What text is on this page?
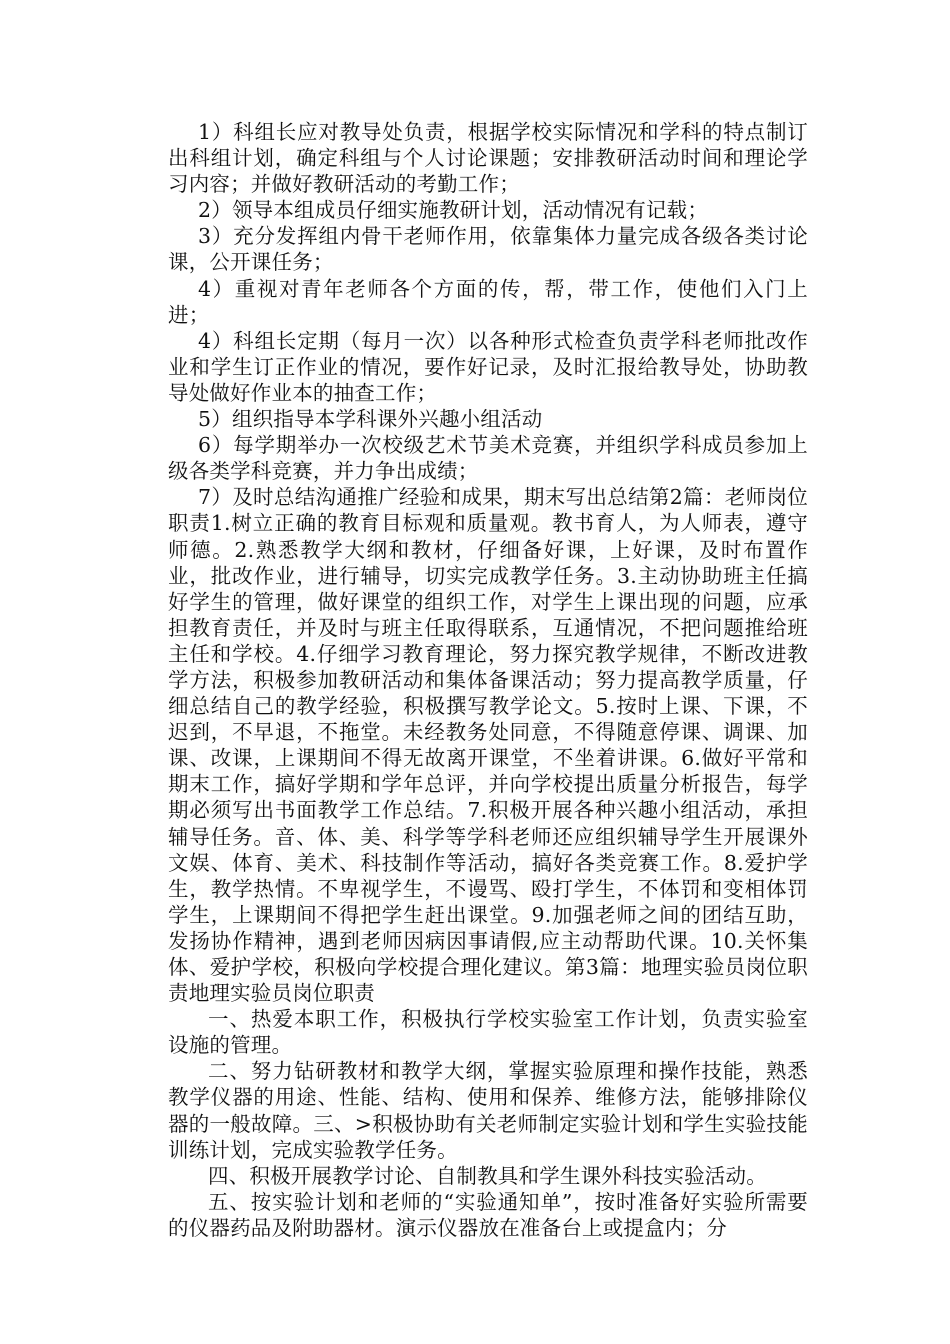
1）科组长应对教导处负责，根据学校实际情况和学科的特点制订出科组计划，确定科组与个人讨论课题；安排教研活动时间和理论学习内容；并做好教研活动的考勤工作；

2）领导本组成员仔细实施教研计划，活动情况有记载；

3）充分发挥组内骨干老师作用，依靠集体力量完成各级各类讨论课，公开课任务；

4）重视对青年老师各个方面的传，帮，带工作，使他们入门上进；

4）科组长定期（每月一次）以各种形式检查负责学科老师批改作业和学生订正作业的情况，要作好记录，及时汇报给教导处，协助教导处做好作业本的抽查工作；

5）组织指导本学科课外兴趣小组活动

6）每学期举办一次校级艺术节美术竞赛，并组织学科成员参加上级各类学科竞赛，并力争出成绩；

7）及时总结沟通推广经验和成果，期末写出总结第2篇：老师岗位职责1.树立正确的教育目标观和质量观。教书育人，为人师表，遵守师德。2.熟悉教学大纲和教材，仔细备好课，上好课，及时布置作业，批改作业，进行辅导，切实完成教学任务。3.主动协助班主任搞好学生的管理，做好课堂的组织工作，对学生上课出现的问题，应承担教育责任，并及时与班主任取得联系，互通情况，不把问题推给班主任和学校。4.仔细学习教育理论，努力探究教学规律，不断改进教学方法，积极参加教研活动和集体备课活动；努力提高教学质量，仔细总结自己的教学经验，积极撰写教学论文。5.按时上课、下课，不迟到，不早退，不拖堂。未经教务处同意，不得随意停课、调课、加课、改课，上课期间不得无故离开课堂，不坐着讲课。6.做好平常和期末工作，搞好学期和学年总评，并向学校提出质量分析报告，每学期必须写出书面教学工作总结。7.积极开展各种兴趣小组活动，承担辅导任务。音、体、美、科学等学科老师还应组织辅导学生开展课外文娱、体育、美术、科技制作等活动，搞好各类竞赛工作。8.爱护学生，教学热情。不卑视学生，不谩骂、殴打学生，不体罚和变相体罚学生，上课期间不得把学生赶出课堂。9.加强老师之间的团结互助，发扬协作精神，遇到老师因病因事请假,应主动帮助代课。10.关怀集体、爱护学校，积极向学校提合理化建议。第3篇：地理实验员岗位职责地理实验员岗位职责

一、热爱本职工作，积极执行学校实验室工作计划，负责实验室设施的管理。

二、努力钻研教材和教学大纲，掌握实验原理和操作技能，熟悉教学仪器的用途、性能、结构、使用和保养、维修方法，能够排除仪器的一般故障。三、>积极协助有关老师制定实验计划和学生实验技能训练计划，完成实验教学任务。

四、积极开展教学讨论、自制教具和学生课外科技实验活动。

五、按实验计划和老师的“实验通知单”，按时准备好实验所需要的仪器药品及附助器材。演示仪器放在准备台上或提盒内；分
